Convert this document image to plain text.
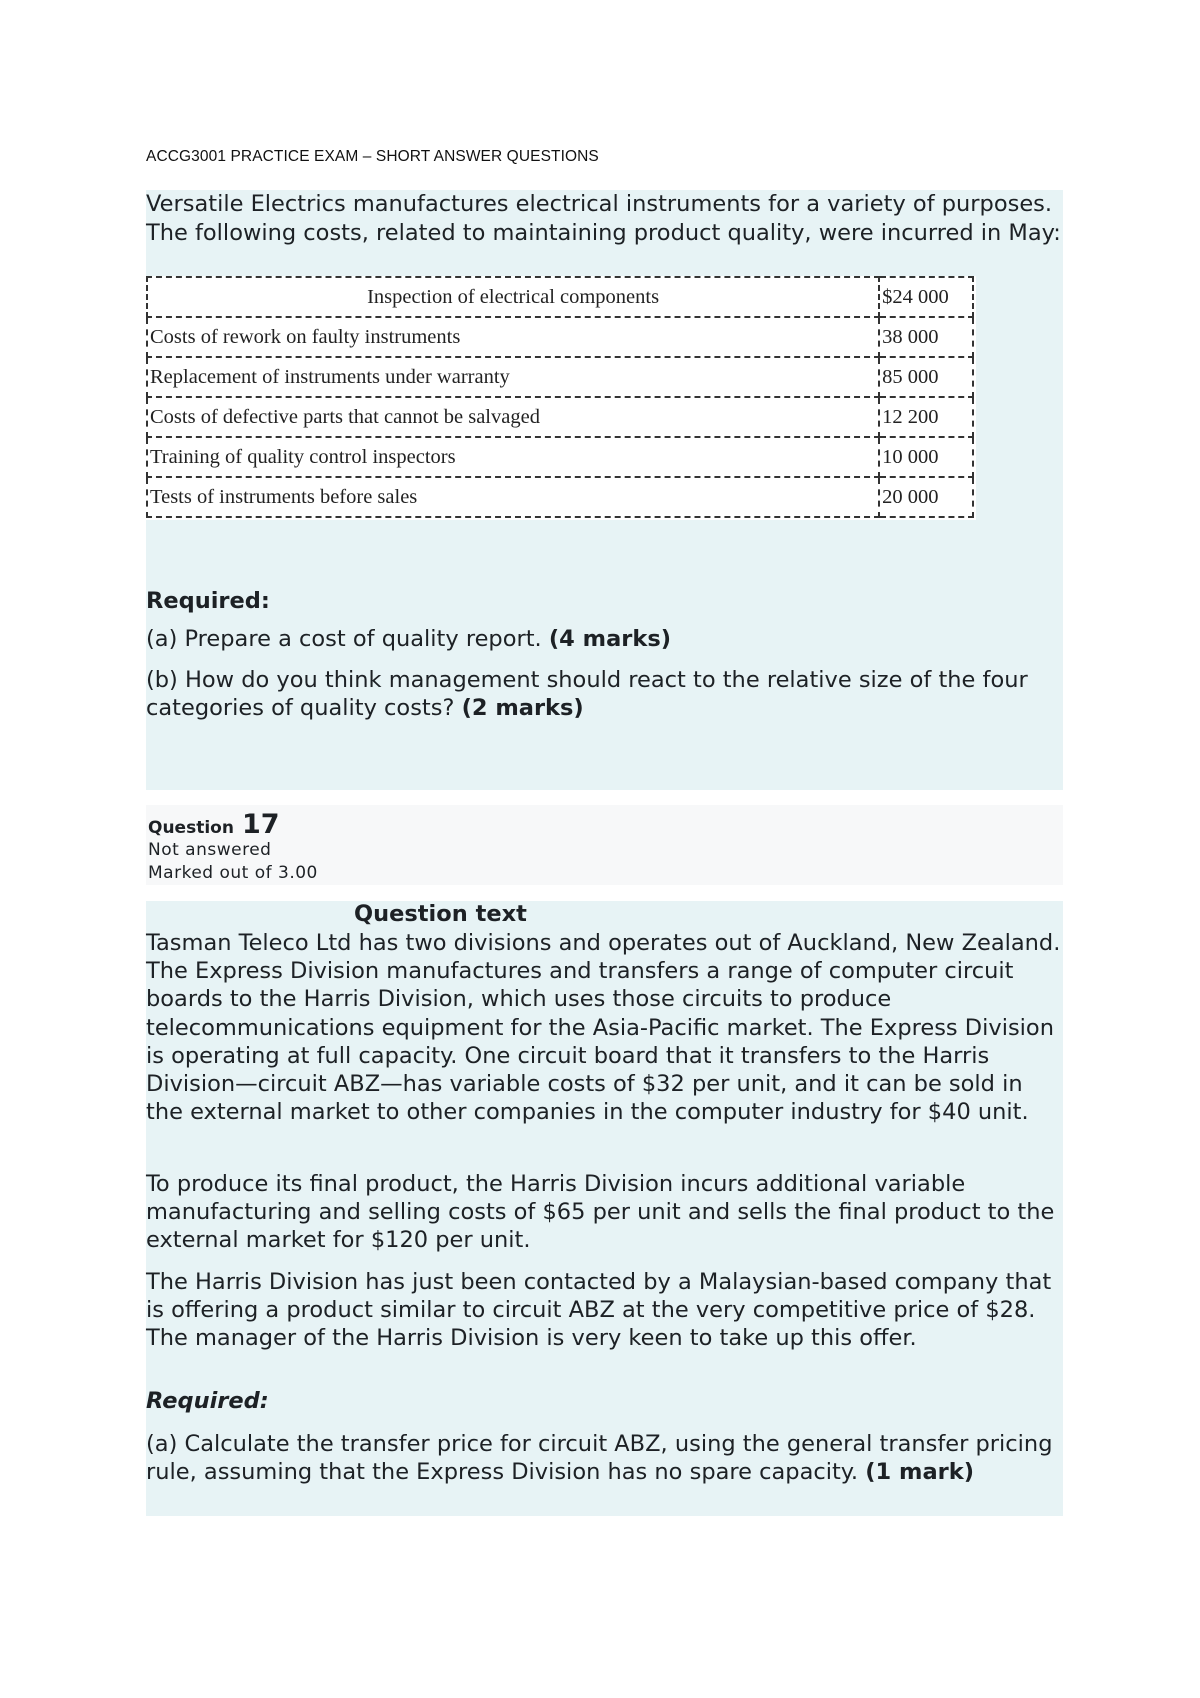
ACCG3001 PRACTICE EXAM – SHORT ANSWER QUESTIONS

Versatile Electrics manufactures electrical instruments for a variety of purposes. The following costs, related to maintaining product quality, were incurred in May:

Inspection of electrical components	$24 000
Costs of rework on faulty instruments	38 000
Replacement of instruments under warranty	85 000
Costs of defective parts that cannot be salvaged	12 200
Training of quality control inspectors	10 000
Tests of instruments before sales	20 000

Required:

(a) Prepare a cost of quality report. (4 marks)

(b) How do you think management should react to the relative size of the four categories of quality costs? (2 marks)

Question 17
Not answered
Marked out of 3.00

Question text

Tasman Teleco Ltd has two divisions and operates out of Auckland, New Zealand. The Express Division manufactures and transfers a range of computer circuit boards to the Harris Division, which uses those circuits to produce telecommunications equipment for the Asia-Pacific market. The Express Division is operating at full capacity. One circuit board that it transfers to the Harris Division—circuit ABZ—has variable costs of $32 per unit, and it can be sold in the external market to other companies in the computer industry for $40 unit.

To produce its final product, the Harris Division incurs additional variable manufacturing and selling costs of $65 per unit and sells the final product to the external market for $120 per unit.

The Harris Division has just been contacted by a Malaysian-based company that is offering a product similar to circuit ABZ at the very competitive price of $28. The manager of the Harris Division is very keen to take up this offer.

Required:

(a) Calculate the transfer price for circuit ABZ, using the general transfer pricing rule, assuming that the Express Division has no spare capacity. (1 mark)
